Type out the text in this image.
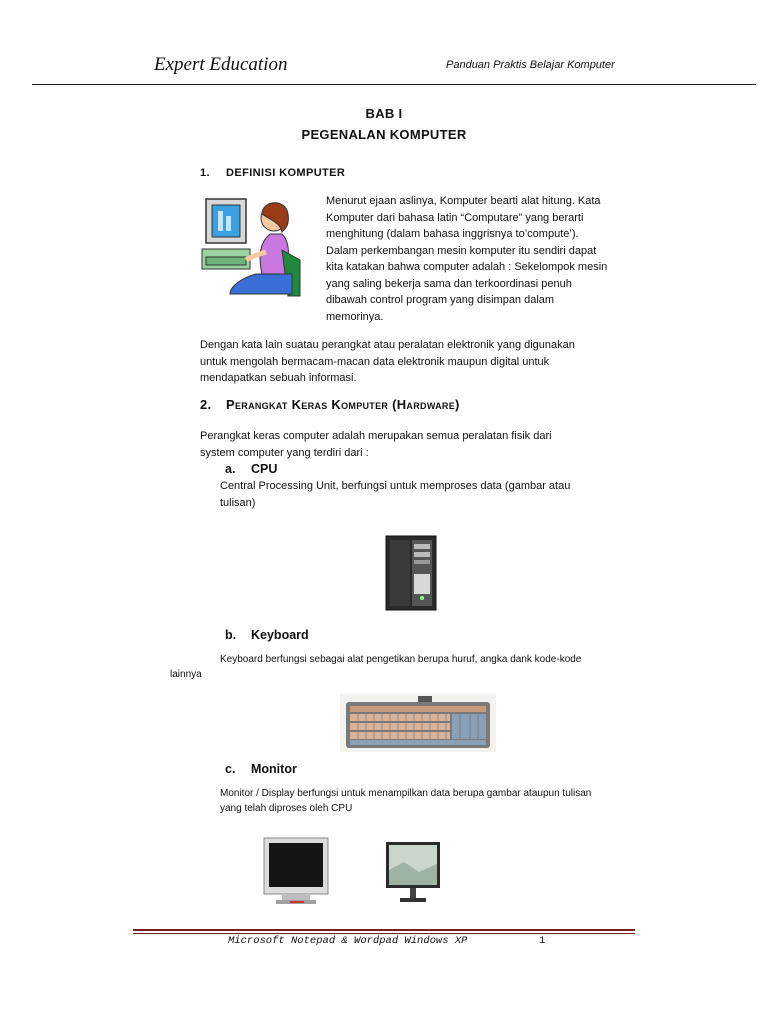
Expert Education	Panduan Praktis Belajar Komputer
BAB I
PEGENALAN KOMPUTER
1. DEFINISI KOMPUTER
Menurut ejaan aslinya, Komputer bearti alat hitung. Kata
Komputer dari bahasa latin “Computare” yang berarti
menghitung (dalam bahasa inggrisnya to’compute’).
Dalam perkembangan mesin komputer itu sendiri dapat
kita katakan bahwa computer adalah : Sekelompok mesin
yang saling bekerja sama dan terkoordinasi penuh
dibawah control program yang disimpan dalam
memorinya.
Dengan kata lain suatau perangkat atau peralatan elektronik yang digunakan
untuk mengolah bermacam-macan data elektronik maupun digital untuk
mendapatkan sebuah informasi.
2. Perangkat Keras Komputer (Hardware)
Perangkat keras computer adalah merupakan semua peralatan fisik dari
system computer yang terdiri dari :
a. CPU
Central Processing Unit, berfungsi untuk memproses data (gambar atau
tulisan)
b. Keyboard
Keyboard berfungsi sebagai alat pengetikan berupa huruf, angka dank kode-kode
lainnya
c. Monitor
Monitor / Display berfungsi untuk menampilkan data berupa gambar ataupun tulisan
yang telah diproses oleh CPU
Microsoft Notepad & Wordpad Windows XP	1
